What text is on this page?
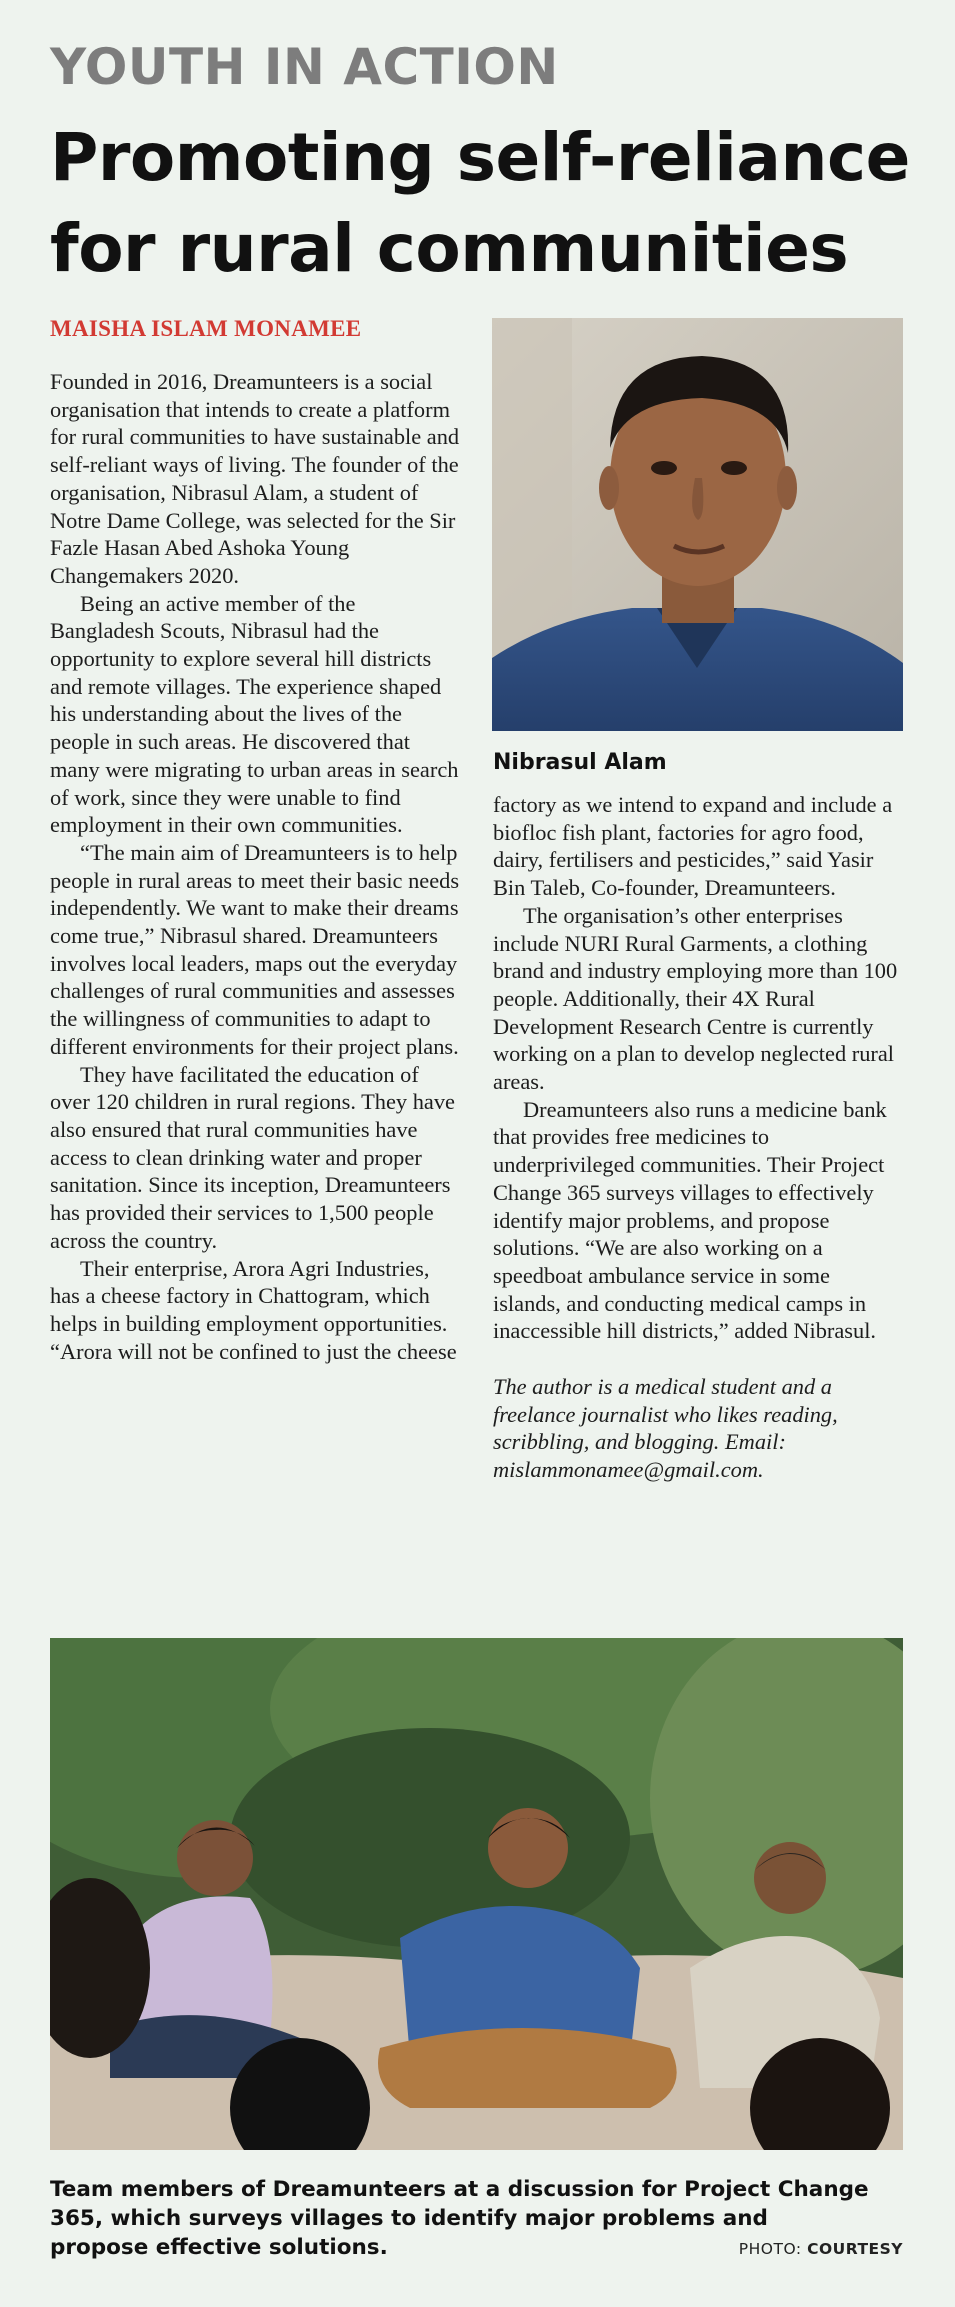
YOUTH IN ACTION
Promoting self-reliance for rural communities
MAISHA ISLAM MONAMEE

Founded in 2016, Dreamunteers is a social organisation that intends to create a platform for rural communities to have sustainable and self-reliant ways of living. The founder of the organisation, Nibrasul Alam, a student of Notre Dame College, was selected for the Sir Fazle Hasan Abed Ashoka Young Changemakers 2020.

Being an active member of the Bangladesh Scouts, Nibrasul had the opportunity to explore several hill districts and remote villages. The experience shaped his understanding about the lives of the people in such areas. He discovered that many were migrating to urban areas in search of work, since they were unable to find employment in their own communities.

“The main aim of Dreamunteers is to help people in rural areas to meet their basic needs independently. We want to make their dreams come true,” Nibrasul shared. Dreamunteers involves local leaders, maps out the everyday challenges of rural communities and assesses the willingness of communities to adapt to different environments for their project plans.

They have facilitated the education of over 120 children in rural regions. They have also ensured that rural communities have access to clean drinking water and proper sanitation. Since its inception, Dreamunteers has provided their services to 1,500 people across the country.

Their enterprise, Arora Agri Industries, has a cheese factory in Chattogram, which helps in building employment opportunities. “Arora will not be confined to just the cheese

Nibrasul Alam

factory as we intend to expand and include a biofloc fish plant, factories for agro food, dairy, fertilisers and pesticides,” said Yasir Bin Taleb, Co-founder, Dreamunteers.

The organisation’s other enterprises include NURI Rural Garments, a clothing brand and industry employing more than 100 people. Additionally, their 4X Rural Development Research Centre is currently working on a plan to develop neglected rural areas.

Dreamunteers also runs a medicine bank that provides free medicines to underprivileged communities. Their Project Change 365 surveys villages to effectively identify major problems, and propose solutions. “We are also working on a speedboat ambulance service in some islands, and conducting medical camps in inaccessible hill districts,” added Nibrasul.

The author is a medical student and a freelance journalist who likes reading, scribbling, and blogging. Email: mislammonamee@gmail.com.

Team members of Dreamunteers at a discussion for Project Change 365, which surveys villages to identify major problems and propose effective solutions.	PHOTO: COURTESY
